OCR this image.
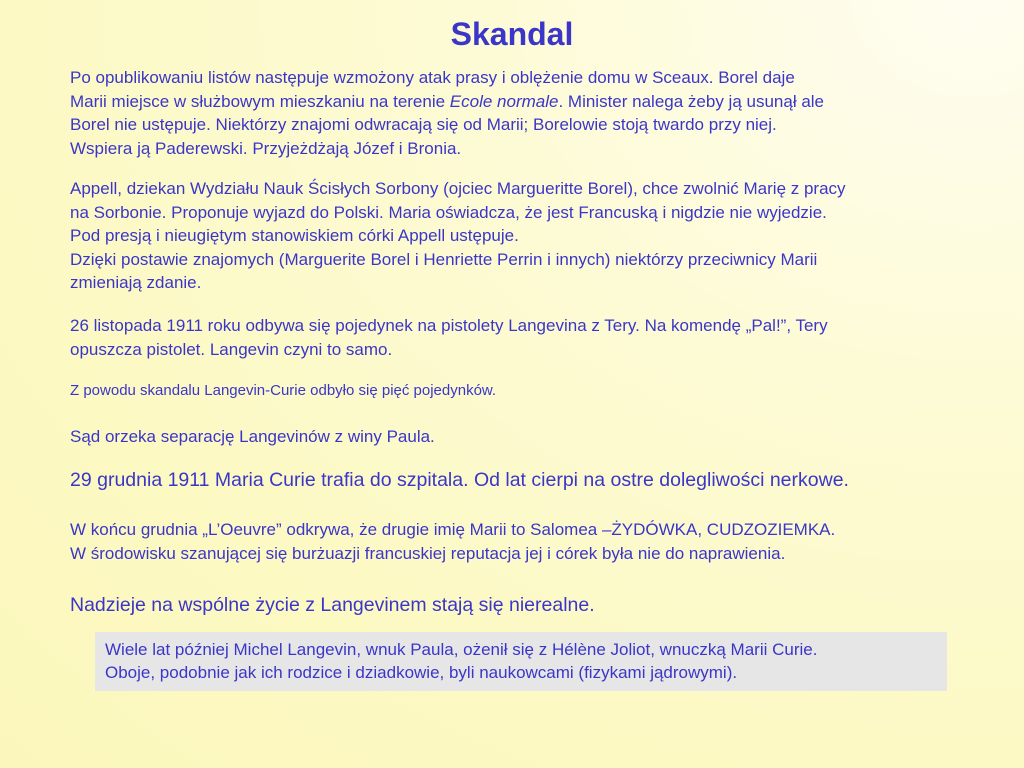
Skandal

Po opublikowaniu listów następuje wzmożony atak prasy i oblężenie domu w Sceaux. Borel daje
Marii miejsce w służbowym mieszkaniu na terenie Ecole normale. Minister nalega żeby ją usunął ale
Borel nie ustępuje. Niektórzy znajomi odwracają się od Marii; Borelowie stoją twardo przy niej.
Wspiera ją Paderewski. Przyjeżdżają Józef i Bronia.

Appell, dziekan Wydziału Nauk Ścisłych Sorbony (ojciec Margueritte Borel), chce zwolnić Marię z pracy
na Sorbonie. Proponuje wyjazd do Polski. Maria oświadcza, że jest Francuską i nigdzie nie wyjedzie.
Pod presją i nieugiętym stanowiskiem córki Appell ustępuje.
Dzięki postawie znajomych (Marguerite Borel i Henriette Perrin i innych) niektórzy przeciwnicy Marii
zmieniają zdanie.

26 listopada 1911 roku odbywa się pojedynek na pistolety Langevina z Tery. Na komendę „Pal!”, Tery
opuszcza pistolet. Langevin czyni to samo.

Z powodu skandalu Langevin-Curie odbyło się pięć pojedynków.

Sąd orzeka separację Langevinów z winy Paula.

29 grudnia 1911 Maria Curie trafia do szpitala. Od lat cierpi na ostre dolegliwości nerkowe.

W końcu grudnia „L’Oeuvre” odkrywa, że drugie imię Marii to Salomea –ŻYDÓWKA, CUDZOZIEMKA.
W środowisku szanującej się burżuazji francuskiej reputacja jej i córek była nie do naprawienia.

Nadzieje na wspólne życie z Langevinem stają się nierealne.

Wiele lat później Michel Langevin, wnuk Paula, ożenił się z Hélène Joliot, wnuczką Marii Curie.
Oboje, podobnie jak ich rodzice i dziadkowie, byli naukowcami (fizykami jądrowymi).
